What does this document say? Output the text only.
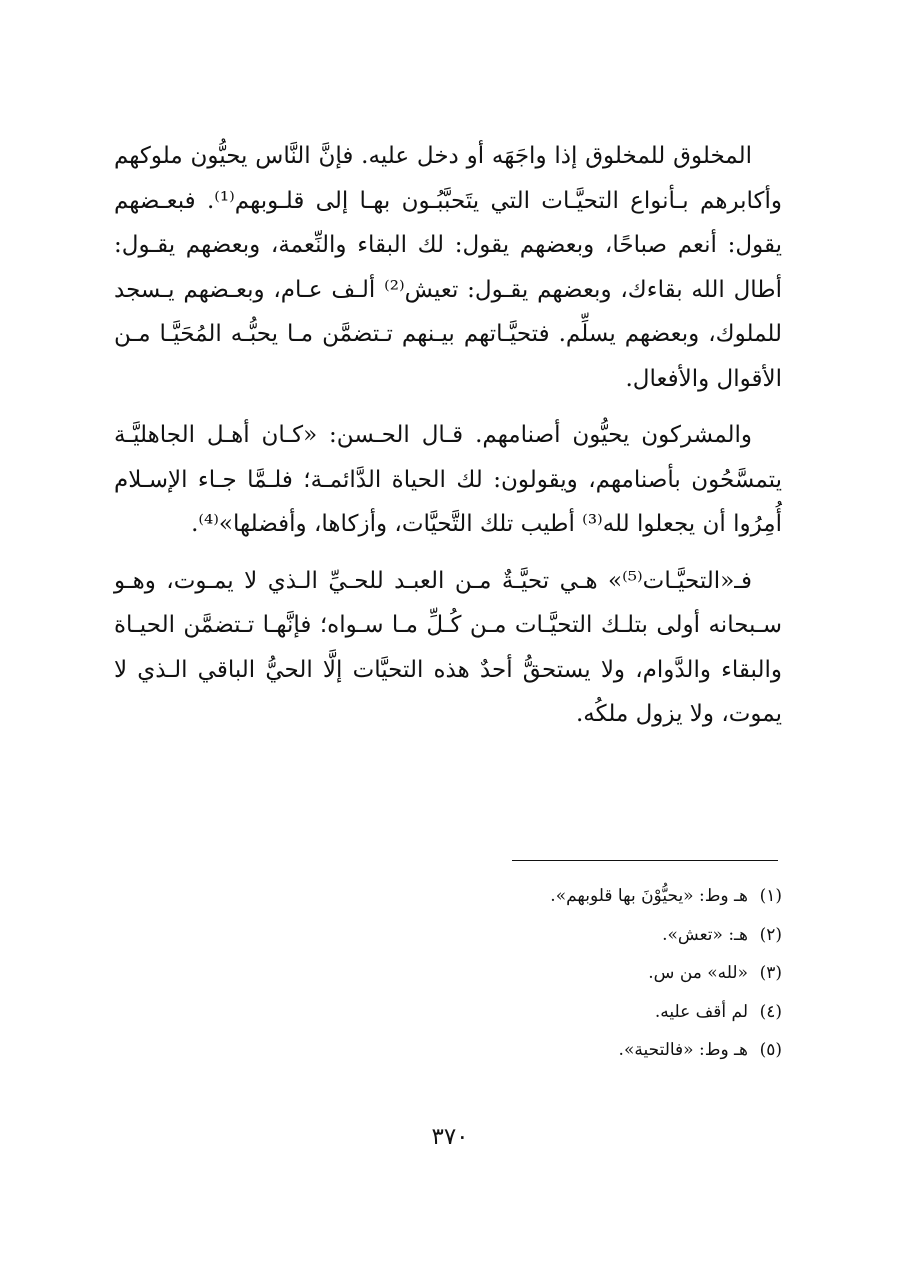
المخلوق للمخلوق إذا واجَهَه أو دخل عليه. فإنَّ النَّاس يحيُّون ملوكهم وأكابرهم بـأنواع التحيَّـات التي يتَحبَّبُـون بهـا إلى قلـوبهم⁽¹⁾. فبعـضهم يقول: أنعم صباحًا، وبعضهم يقول: لك البقاء والنِّعمة، وبعضهم يقـول: أطال الله بقاءك، وبعضهم يقـول: تعيش⁽²⁾ ألـف عـام، وبعـضهم يـسجد للملوك، وبعضهم يسلِّم. فتحيَّـاتهم بيـنهم تـتضمَّن مـا يحبُّـه المُحَيَّـا مـن الأقوال والأفعال.

والمشركون يحيُّون أصنامهم. قـال الحـسن: «كـان أهـل الجاهليَّـة يتمسَّحُون بأصنامهم، ويقولون: لك الحياة الدَّائمـة؛ فلـمَّا جـاء الإسـلام أُمِرُوا أن يجعلوا لله⁽³⁾ أطيب تلك التَّحيَّات، وأزكاها، وأفضلها»⁽⁴⁾.

فـ«التحيَّـات⁽⁵⁾» هـي تحيَّـةٌ مـن العبـد للحـيِّ الـذي لا يمـوت، وهـو سـبحانه أولى بتلـك التحيَّـات مـن كُـلِّ مـا سـواه؛ فإنَّهـا تـتضمَّن الحيـاة والبقاء والدَّوام، ولا يستحقُّ أحدٌ هذه التحيَّات إلَّا الحيُّ الباقي الـذي لا يموت، ولا يزول ملكُه.

(١)هـ وط: «يحيُّوْنَ بها قلوبهم».
(٢)هـ: «تعش».
(٣)«لله» من س.
(٤)لم أقف عليه.
(٥)هـ وط: «فالتحية».
٣٧٠
